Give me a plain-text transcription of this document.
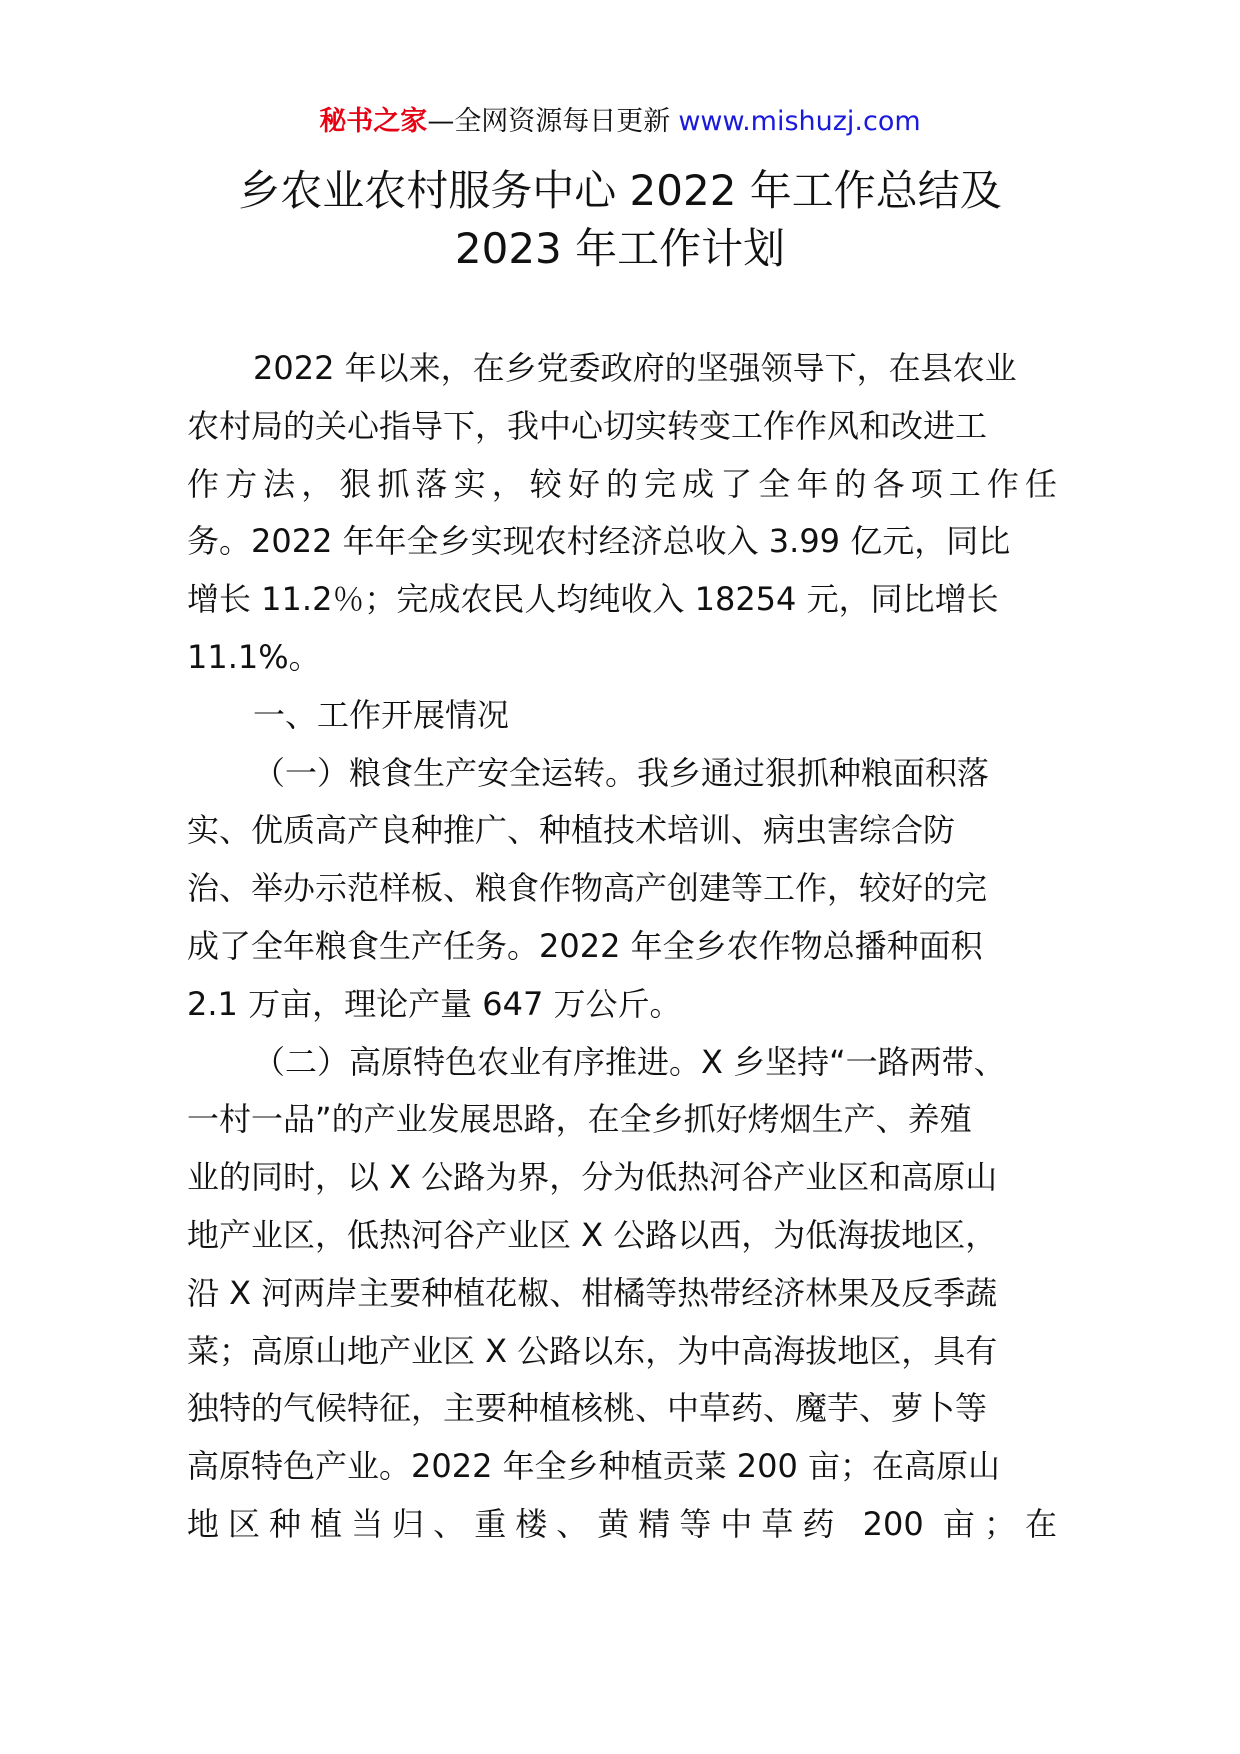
秘书之家—全网资源每日更新 www.mishuzj.com
乡农业农村服务中心 2022 年工作总结及
2023 年工作计划
2022 年以来，在乡党委政府的坚强领导下，在县农业
农村局的关心指导下，我中心切实转变工作作风和改进工
作方法，狠抓落实，较好的完成了全年的各项工作任
务。2022 年年全乡实现农村经济总收入 3.99 亿元，同比
增长 11.2％；完成农民人均纯收入 18254 元，同比增长
11.1%。
一、工作开展情况
（一）粮食生产安全运转。我乡通过狠抓种粮面积落
实、优质高产良种推广、种植技术培训、病虫害综合防
治、举办示范样板、粮食作物高产创建等工作，较好的完
成了全年粮食生产任务。2022 年全乡农作物总播种面积
2.1 万亩，理论产量 647 万公斤。
（二）高原特色农业有序推进。X 乡坚持“一路两带、
一村一品”的产业发展思路，在全乡抓好烤烟生产、养殖
业的同时，以 X 公路为界，分为低热河谷产业区和高原山
地产业区，低热河谷产业区 X 公路以西，为低海拔地区，
沿 X 河两岸主要种植花椒、柑橘等热带经济林果及反季蔬
菜；高原山地产业区 X 公路以东，为中高海拔地区，具有
独特的气候特征，主要种植核桃、中草药、魔芋、萝卜等
高原特色产业。2022 年全乡种植贡菜 200 亩；在高原山
地区种植当归、重楼、黄精等中草药 200 亩；在
